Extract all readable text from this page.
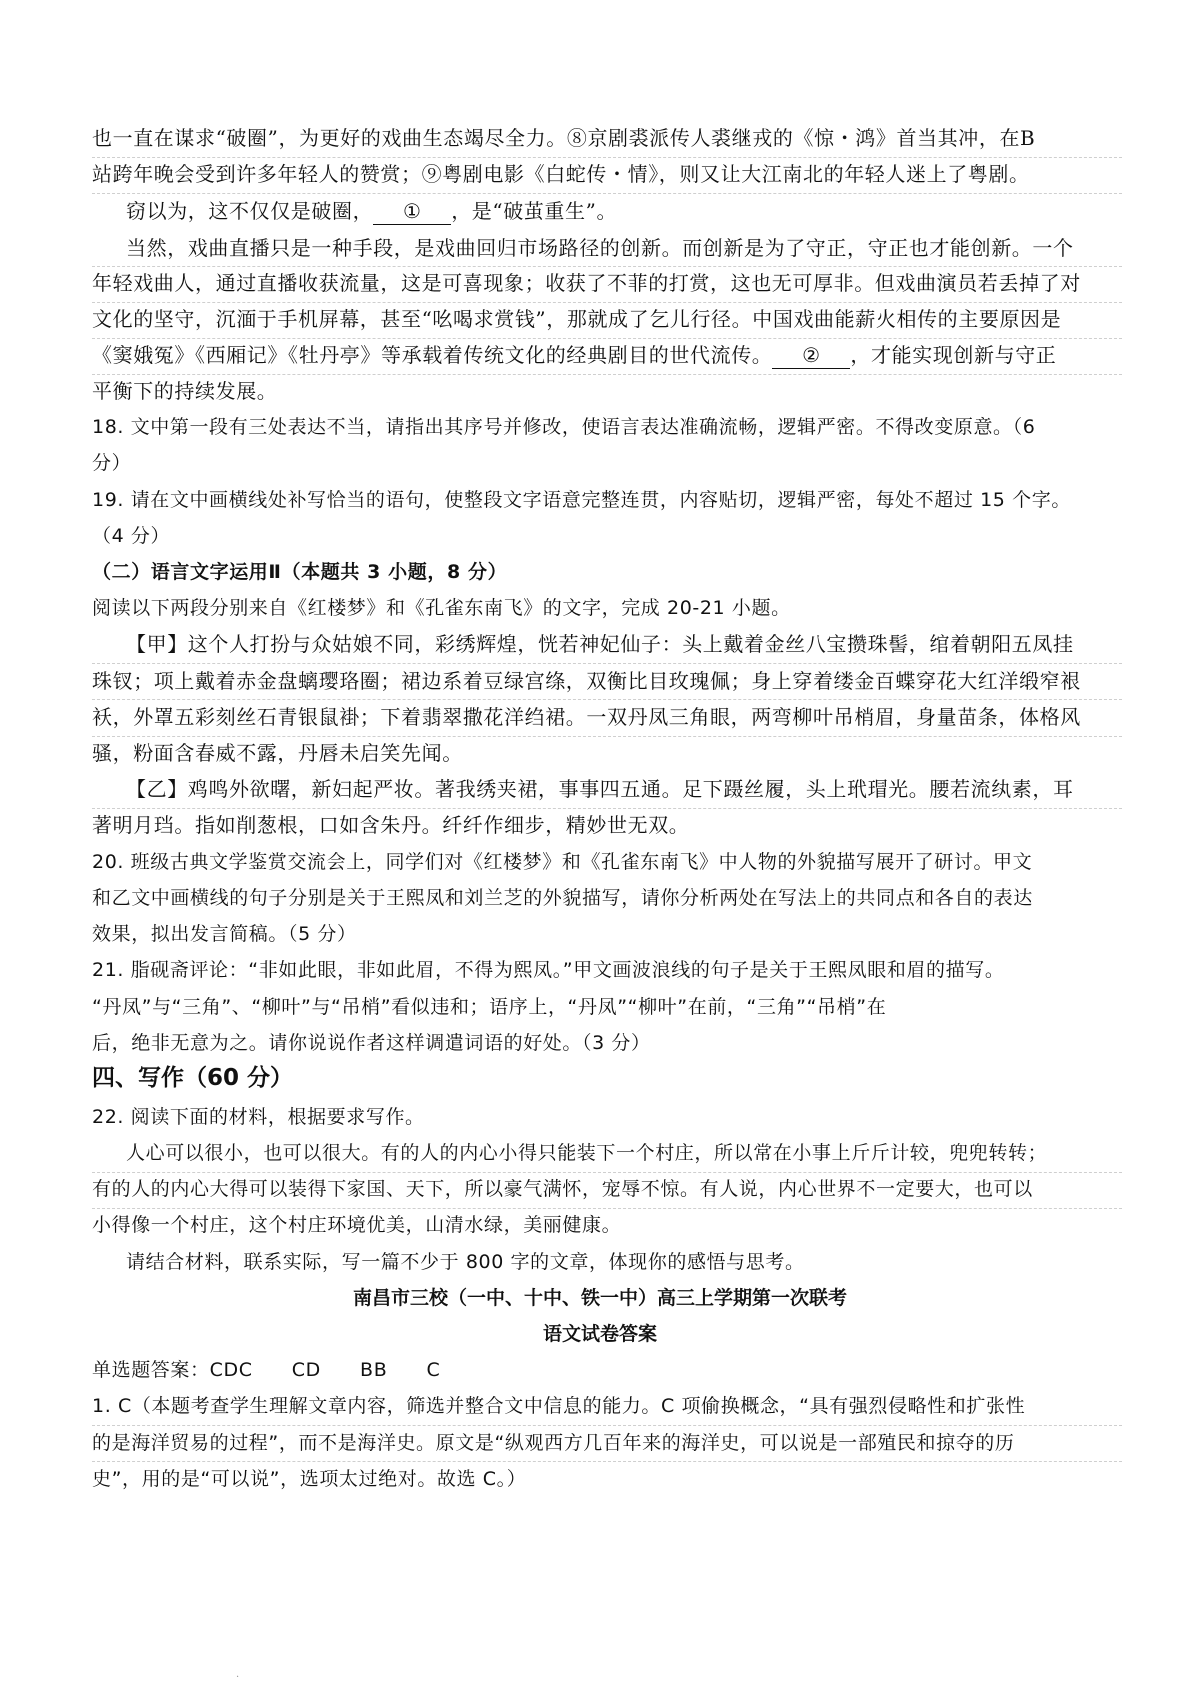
也一直在谋求“破圈”，为更好的戏曲生态竭尽全力。⑧京剧裘派传人裘继戎的《惊・鸿》首当其冲，在B
站跨年晚会受到许多年轻人的赞赏；⑨粤剧电影《白蛇传・情》，则又让大江南北的年轻人迷上了粤剧。
窃以为，这不仅仅是破圈， ① ，是“破茧重生”。
当然，戏曲直播只是一种手段，是戏曲回归市场路径的创新。而创新是为了守正，守正也才能创新。一个
年轻戏曲人，通过直播收获流量，这是可喜现象；收获了不菲的打赏，这也无可厚非。但戏曲演员若丢掉了对
文化的坚守，沉湎于手机屏幕，甚至“吆喝求赏钱”，那就成了乞儿行径。中国戏曲能薪火相传的主要原因是
《窦娥冤》《西厢记》《牡丹亭》等承载着传统文化的经典剧目的世代流传。 ② ，才能实现创新与守正
平衡下的持续发展。
18. 文中第一段有三处表达不当，请指出其序号并修改，使语言表达准确流畅，逻辑严密。不得改变原意。（6
分）
19. 请在文中画横线处补写恰当的语句，使整段文字语意完整连贯，内容贴切，逻辑严密，每处不超过 15 个字。
（4 分）
（二）语言文字运用Ⅱ（本题共 3 小题，8 分）
阅读以下两段分别来自《红楼梦》和《孔雀东南飞》的文字，完成 20-21 小题。
【甲】这个人打扮与众姑娘不同，彩绣辉煌，恍若神妃仙子：头上戴着金丝八宝攒珠髻，绾着朝阳五凤挂
珠钗；项上戴着赤金盘螭璎珞圈；裙边系着豆绿宫绦，双衡比目玫瑰佩；身上穿着缕金百蝶穿花大红洋缎窄裉
袄，外罩五彩刻丝石青银鼠褂；下着翡翠撒花洋绉裙。一双丹凤三角眼，两弯柳叶吊梢眉，身量苗条，体格风
骚，粉面含春威不露，丹唇未启笑先闻。
【乙】鸡鸣外欲曙，新妇起严妆。著我绣夹裙，事事四五通。足下蹑丝履，头上玳瑁光。腰若流纨素，耳
著明月珰。指如削葱根，口如含朱丹。纤纤作细步，精妙世无双。
20. 班级古典文学鉴赏交流会上，同学们对《红楼梦》和《孔雀东南飞》中人物的外貌描写展开了研讨。甲文
和乙文中画横线的句子分别是关于王熙凤和刘兰芝的外貌描写，请你分析两处在写法上的共同点和各自的表达
效果，拟出发言简稿。（5 分）
21. 脂砚斋评论：“非如此眼，非如此眉，不得为熙凤。”甲文画波浪线的句子是关于王熙凤眼和眉的描写。
“丹凤”与“三角”、“柳叶”与“吊梢”看似违和；语序上，“丹凤”“柳叶”在前，“三角”“吊梢”在
后，绝非无意为之。请你说说作者这样调遣词语的好处。（3 分）
四、写作（60 分）
22. 阅读下面的材料，根据要求写作。
人心可以很小，也可以很大。有的人的内心小得只能装下一个村庄，所以常在小事上斤斤计较，兜兜转转；
有的人的内心大得可以装得下家国、天下，所以豪气满怀，宠辱不惊。有人说，内心世界不一定要大，也可以
小得像一个村庄，这个村庄环境优美，山清水绿，美丽健康。
请结合材料，联系实际，写一篇不少于 800 字的文章，体现你的感悟与思考。
南昌市三校（一中、十中、铁一中）高三上学期第一次联考
语文试卷答案
单选题答案：CDC　　CD　　BB　　C
1. C（本题考查学生理解文章内容，筛选并整合文中信息的能力。C 项偷换概念，“具有强烈侵略性和扩张性
的是海洋贸易的过程”，而不是海洋史。原文是“纵观西方几百年来的海洋史，可以说是一部殖民和掠夺的历
史”，用的是“可以说”，选项太过绝对。故选 C。）
·
